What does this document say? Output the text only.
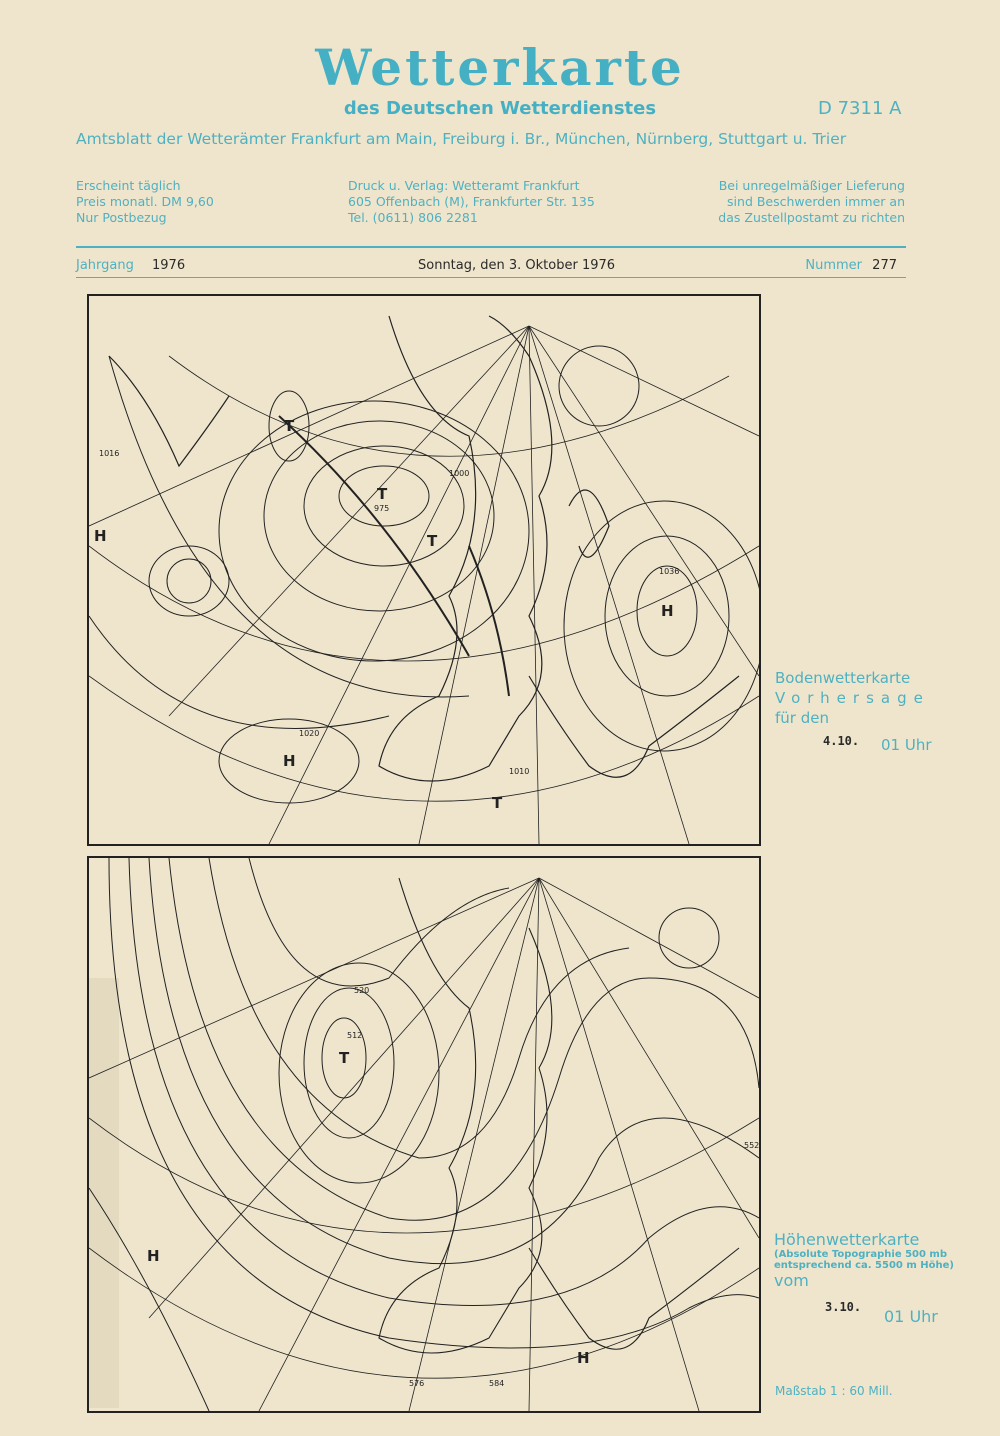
Wetterkarte
des Deutschen Wetterdienstes	D 7311 A
Amtsblatt der Wetterämter Frankfurt am Main, Freiburg i. Br., München, Nürnberg, Stuttgart u. Trier
Erscheint täglich
Preis monatl. DM 9,60
Nur Postbezug
Druck u. Verlag: Wetteramt Frankfurt
605 Offenbach (M), Frankfurter Str. 135
Tel. (0611) 806 2281
Bei unregelmäßiger Lieferung
sind Beschwerden immer an
das Zustellpostamt zu richten
Jahrgang 1976	Sonntag, den 3. Oktober 1976	Nummer 277
T
T
T
T
H
H
H
1036
1020
975
1000
1010
1016
Bodenwetterkarte
Vorhersage
für den
4.10. 01 Uhr
T
H
H
512
520
584
576
552
Höhenwetterkarte
(Absolute Topographie 500 mb
entsprechend ca. 5500 m Höhe)
vom
3.10. 01 Uhr
Maßstab 1 : 60 Mill.
